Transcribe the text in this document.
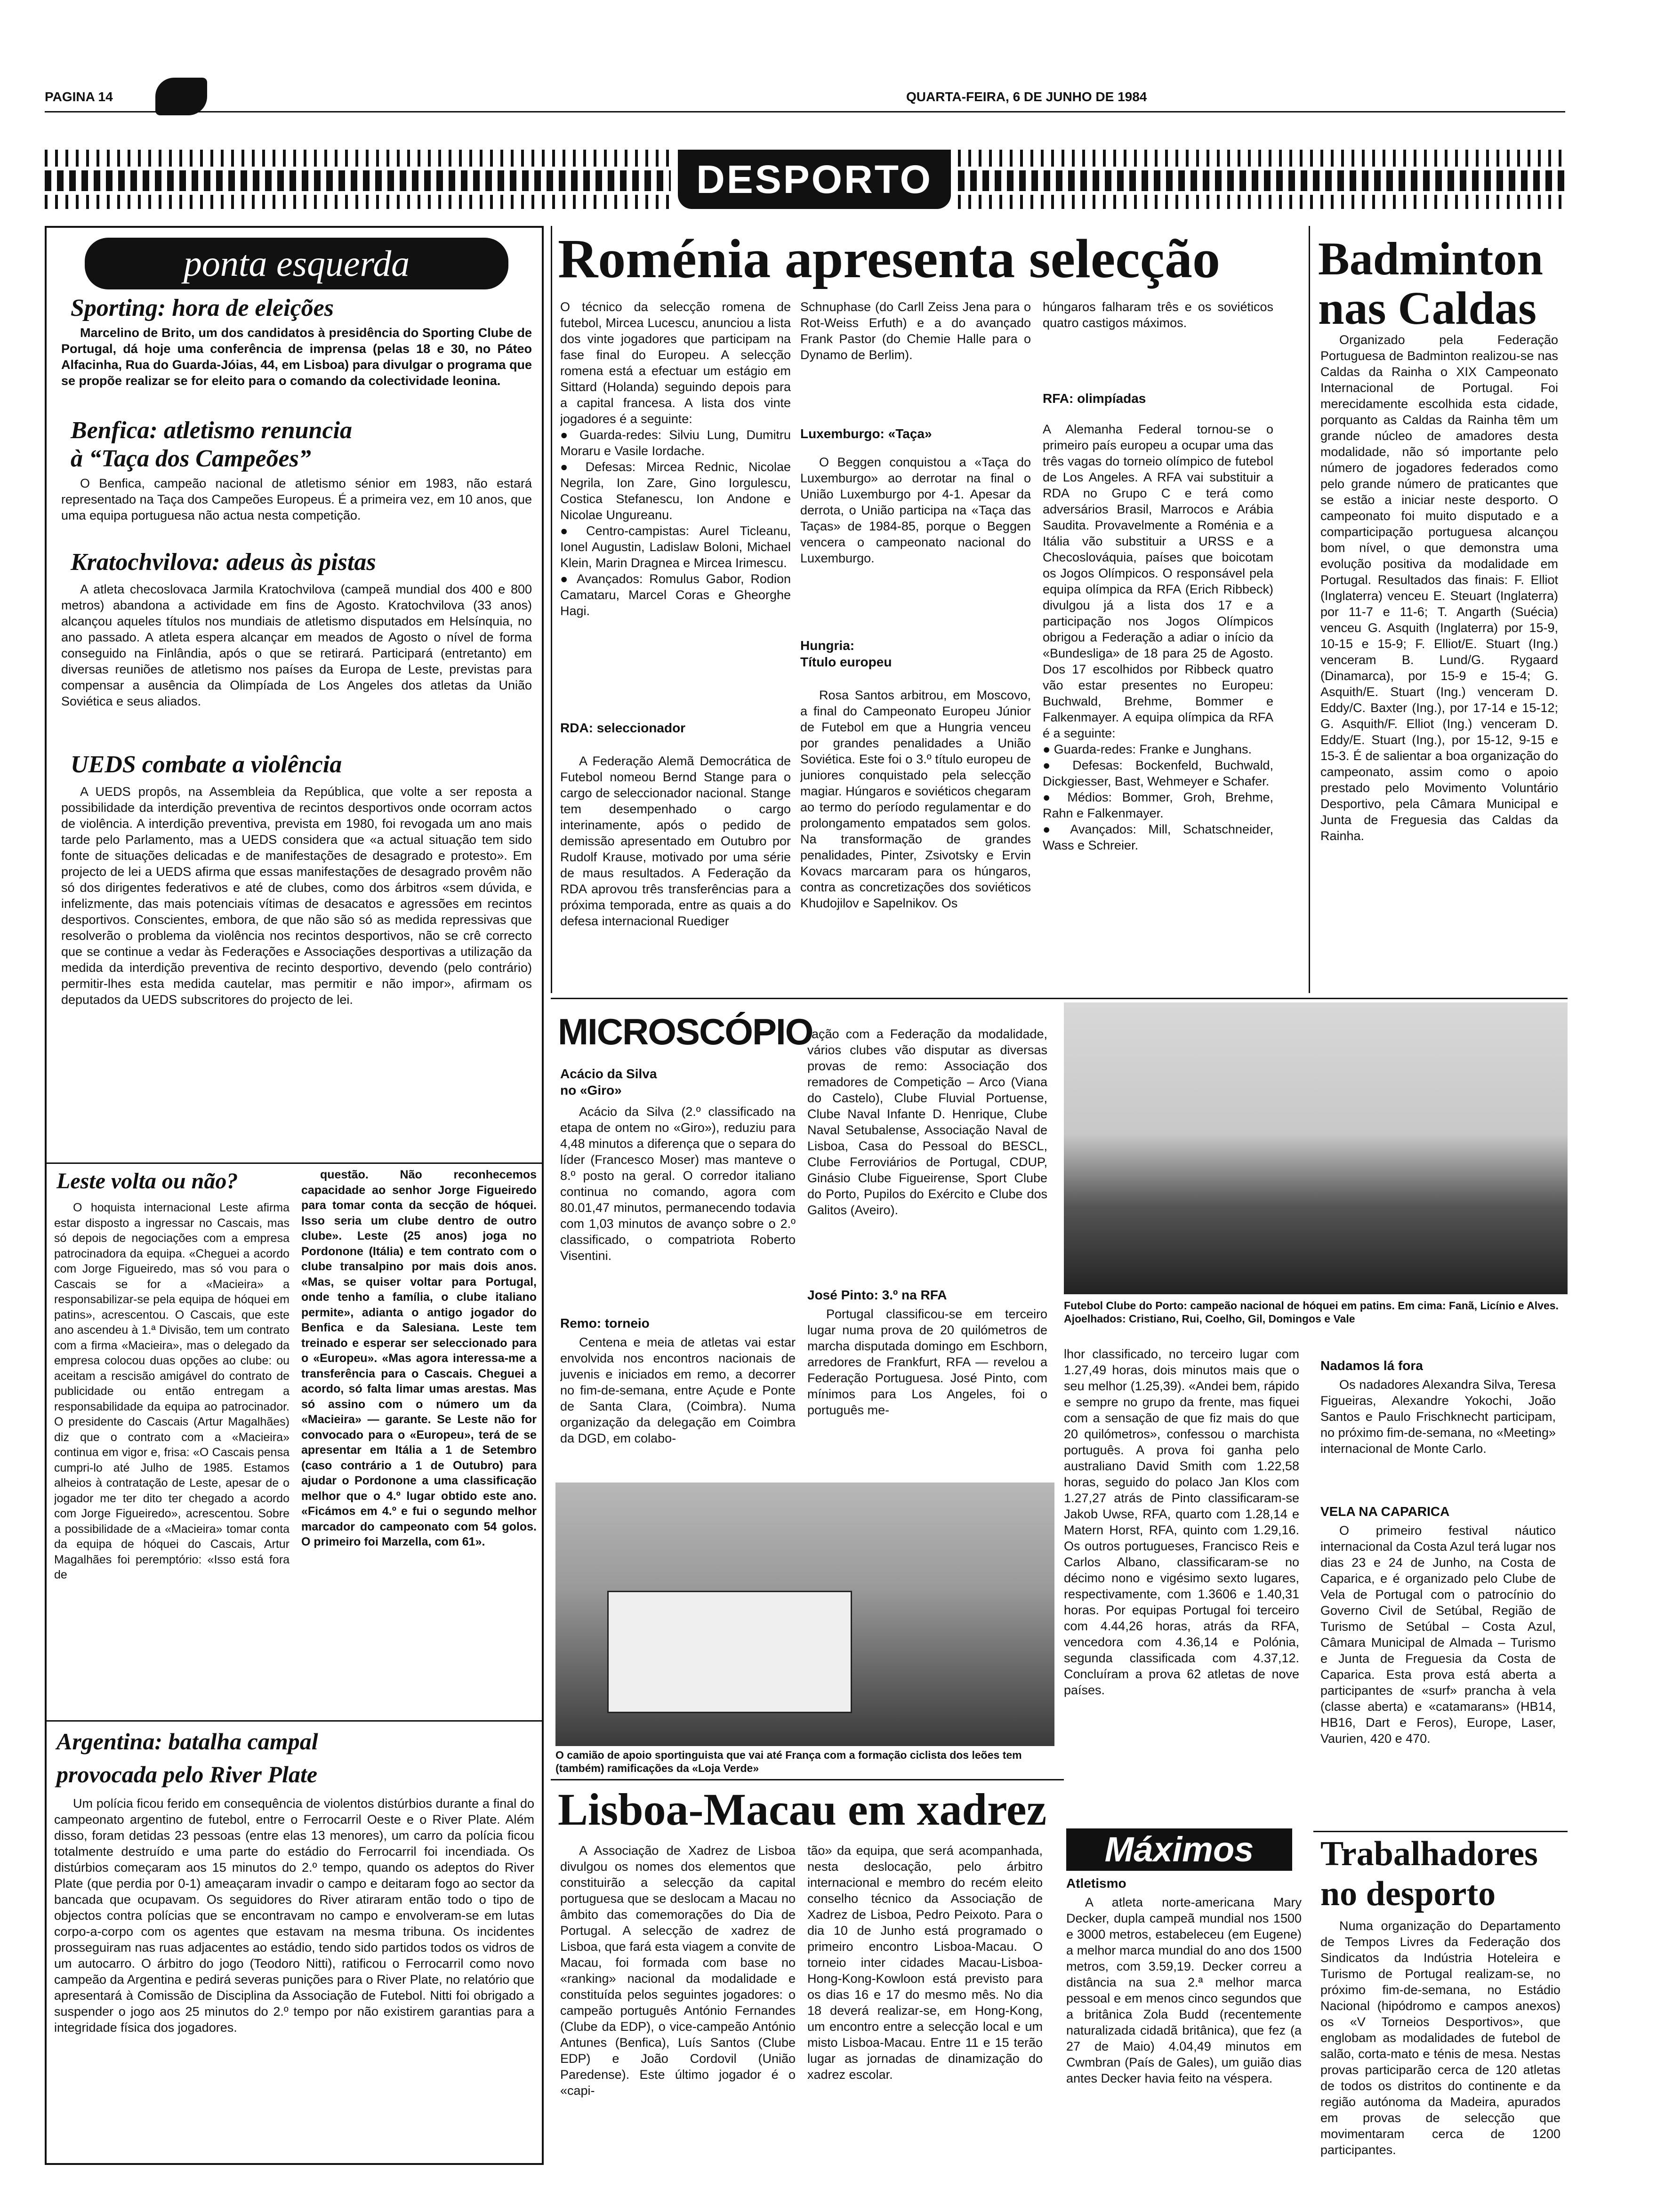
PAGINA 14	QUARTA-FEIRA, 6 DE JUNHO DE 1984
DESPORTO
ponta esquerda
Sporting: hora de eleições

Marcelino de Brito, um dos candidatos à presidência do Sporting Clube de Portugal, dá hoje uma conferência de imprensa (pelas 18 e 30, no Páteo Alfacinha, Rua do Guarda-Jóias, 44, em Lisboa) para divulgar o programa que se propõe realizar se for eleito para o comando da colectividade leonina.

Benfica: atletismo renuncia
à “Taça dos Campeões”

O Benfica, campeão nacional de atletismo sénior em 1983, não estará representado na Taça dos Campeões Europeus. É a primeira vez, em 10 anos, que uma equipa portuguesa não actua nesta competição.

Kratochvilova: adeus às pistas

A atleta checoslovaca Jarmila Kratochvilova (campeã mundial dos 400 e 800 metros) abandona a actividade em fins de Agosto. Kratochvilova (33 anos) alcançou aqueles títulos nos mundiais de atletismo disputados em Helsínquia, no ano passado. A atleta espera alcançar em meados de Agosto o nível de forma conseguido na Finlândia, após o que se retirará. Participará (entretanto) em diversas reuniões de atletismo nos países da Europa de Leste, previstas para compensar a ausência da Olimpíada de Los Angeles dos atletas da União Soviética e seus aliados.

UEDS combate a violência

A UEDS propôs, na Assembleia da República, que volte a ser reposta a possibilidade da interdição preventiva de recintos desportivos onde ocorram actos de violência. A interdição preventiva, prevista em 1980, foi revogada um ano mais tarde pelo Parlamento, mas a UEDS considera que «a actual situação tem sido fonte de situações delicadas e de manifestações de desagrado e protesto». Em projecto de lei a UEDS afirma que essas manifestações de desagrado provêm não só dos dirigentes federativos e até de clubes, como dos árbitros «sem dúvida, e infelizmente, das mais potenciais vítimas de desacatos e agressões em recintos desportivos. Conscientes, embora, de que não são só as medida repressivas que resolverão o problema da violência nos recintos desportivos, não se crê correcto que se continue a vedar às Federações e Associações desportivas a utilização da medida da interdição preventiva de recinto desportivo, devendo (pelo contrário) permitir-lhes esta medida cautelar, mas permitir e não impor», afirmam os deputados da UEDS subscritores do projecto de lei.

Leste volta ou não?

O hoquista internacional Leste afirma estar disposto a ingressar no Cascais, mas só depois de negociações com a empresa patrocinadora da equipa. «Cheguei a acordo com Jorge Figueiredo, mas só vou para o Cascais se for a «Macieira» a responsabilizar-se pela equipa de hóquei em patins», acrescentou. O Cascais, que este ano ascendeu à 1.ª Divisão, tem um contrato com a firma «Macieira», mas o delegado da empresa colocou duas opções ao clube: ou aceitam a rescisão amigável do contrato de publicidade ou então entregam a responsabilidade da equipa ao patrocinador. O presidente do Cascais (Artur Magalhães) diz que o contrato com a «Macieira» continua em vigor e, frisa: «O Cascais pensa cumpri-lo até Julho de 1985. Estamos alheios à contratação de Leste, apesar de o jogador me ter dito ter chegado a acordo com Jorge Figueiredo», acrescentou. Sobre a possibilidade de a «Macieira» tomar conta da equipa de hóquei do Cascais, Artur Magalhães foi peremptório: «Isso está fora de

questão. Não reconhecemos capacidade ao senhor Jorge Figueiredo para tomar conta da secção de hóquei. Isso seria um clube dentro de outro clube». Leste (25 anos) joga no Pordonone (Itália) e tem contrato com o clube transalpino por mais dois anos. «Mas, se quiser voltar para Portugal, onde tenho a família, o clube italiano permite», adianta o antigo jogador do Benfica e da Salesiana. Leste tem treinado e esperar ser seleccionado para o «Europeu». «Mas agora interessa-me a transferência para o Cascais. Cheguei a acordo, só falta limar umas arestas. Mas só assino com o número um da «Macieira» — garante. Se Leste não for convocado para o «Europeu», terá de se apresentar em Itália a 1 de Setembro (caso contrário a 1 de Outubro) para ajudar o Pordonone a uma classificação melhor que o 4.º lugar obtido este ano. «Ficámos em 4.º e fui o segundo melhor marcador do campeonato com 54 golos. O primeiro foi Marzella, com 61».

Argentina: batalha campal
provocada pelo River Plate

Um polícia ficou ferido em consequência de violentos distúrbios durante a final do campeonato argentino de futebol, entre o Ferrocarril Oeste e o River Plate. Além disso, foram detidas 23 pessoas (entre elas 13 menores), um carro da polícia ficou totalmente destruído e uma parte do estádio do Ferrocarril foi incendiada. Os distúrbios começaram aos 15 minutos do 2.º tempo, quando os adeptos do River Plate (que perdia por 0-1) ameaçaram invadir o campo e deitaram fogo ao sector da bancada que ocupavam. Os seguidores do River atiraram então todo o tipo de objectos contra polícias que se encontravam no campo e envolveram-se em lutas corpo-a-corpo com os agentes que estavam na mesma tribuna. Os incidentes prosseguiram nas ruas adjacentes ao estádio, tendo sido partidos todos os vidros de um autocarro. O árbitro do jogo (Teodoro Nitti), ratificou o Ferrocarril como novo campeão da Argentina e pedirá severas punições para o River Plate, no relatório que apresentará à Comissão de Disciplina da Associação de Futebol. Nitti foi obrigado a suspender o jogo aos 25 minutos do 2.º tempo por não existirem garantias para a integridade física dos jogadores.

Roménia apresenta selecção
O técnico da selecção romena de futebol, Mircea Lucescu, anunciou a lista dos vinte jogadores que participam na fase final do Europeu. A selecção romena está a efectuar um estágio em Sittard (Holanda) seguindo depois para a capital francesa. A lista dos vinte jogadores é a seguinte:
● Guarda-redes: Silviu Lung, Dumitru Moraru e Vasile Iordache.
● Defesas: Mircea Rednic, Nicolae Negrila, Ion Zare, Gino Iorgulescu, Costica Stefanescu, Ion Andone e Nicolae Ungureanu.
● Centro-campistas: Aurel Ticleanu, Ionel Augustin, Ladislaw Boloni, Michael Klein, Marin Dragnea e Mircea Irimescu.
● Avançados: Romulus Gabor, Rodion Camataru, Marcel Coras e Gheorghe Hagi.
RDA: seleccionador

A Federação Alemã Democrática de Futebol nomeou Bernd Stange para o cargo de seleccionador nacional. Stange tem desempenhado o cargo interinamente, após o pedido de demissão apresentado em Outubro por Rudolf Krause, motivado por uma série de maus resultados. A Federação da RDA aprovou três transferências para a próxima temporada, entre as quais a do defesa internacional Ruediger

Schnuphase (do Carll Zeiss Jena para o Rot-Weiss Erfuth) e a do avançado Frank Pastor (do Chemie Halle para o Dynamo de Berlim).

Luxemburgo: «Taça»

O Beggen conquistou a «Taça do Luxemburgo» ao derrotar na final o União Luxemburgo por 4-1. Apesar da derrota, o União participa na «Taça das Taças» de 1984-85, porque o Beggen vencera o campeonato nacional do Luxemburgo.

Hungria:
Título europeu

Rosa Santos arbitrou, em Moscovo, a final do Campeonato Europeu Júnior de Futebol em que a Hungria venceu por grandes penalidades a União Soviética. Este foi o 3.º título europeu de juniores conquistado pela selecção magiar. Húngaros e soviéticos chegaram ao termo do período regulamentar e do prolongamento empatados sem golos. Na transformação de grandes penalidades, Pinter, Zsivotsky e Ervin Kovacs marcaram para os húngaros, contra as concretizações dos soviéticos Khudojilov e Sapelnikov. Os

húngaros falharam três e os soviéticos quatro castigos máximos.

RFA: olimpíadas
A Alemanha Federal tornou-se o primeiro país europeu a ocupar uma das três vagas do torneio olímpico de futebol de Los Angeles. A RFA vai substituir a RDA no Grupo C e terá como adversários Brasil, Marrocos e Arábia Saudita. Provavelmente a Roménia e a Itália vão substituir a URSS e a Checoslováquia, países que boicotam os Jogos Olímpicos. O responsável pela equipa olímpica da RFA (Erich Ribbeck) divulgou já a lista dos 17 e a participação nos Jogos Olímpicos obrigou a Federação a adiar o início da «Bundesliga» de 18 para 25 de Agosto. Dos 17 escolhidos por Ribbeck quatro vão estar presentes no Europeu: Buchwald, Brehme, Bommer e Falkenmayer. A equipa olímpica da RFA é a seguinte:
● Guarda-redes: Franke e Junghans.
● Defesas: Bockenfeld, Buchwald, Dickgiesser, Bast, Wehmeyer e Schafer.
● Médios: Bommer, Groh, Brehme, Rahn e Falkenmayer.
● Avançados: Mill, Schatschneider, Wass e Schreier.
Badminton
nas Caldas

Organizado pela Federação Portuguesa de Badminton realizou-se nas Caldas da Rainha o XIX Campeonato Internacional de Portugal. Foi merecidamente escolhida esta cidade, porquanto as Caldas da Rainha têm um grande núcleo de amadores desta modalidade, não só importante pelo número de jogadores federados como pelo grande número de praticantes que se estão a iniciar neste desporto. O campeonato foi muito disputado e a comparticipação portuguesa alcançou bom nível, o que demonstra uma evolução positiva da modalidade em Portugal. Resultados das finais: F. Elliot (Inglaterra) venceu E. Steuart (Inglaterra) por 11-7 e 11-6; T. Angarth (Suécia) venceu G. Asquith (Inglaterra) por 15-9, 10-15 e 15-9; F. Elliot/E. Stuart (Ing.) venceram B. Lund/G. Rygaard (Dinamarca), por 15-9 e 15-4; G. Asquith/E. Stuart (Ing.) venceram D. Eddy/C. Baxter (Ing.), por 17-14 e 15-12; G. Asquith/F. Elliot (Ing.) venceram D. Eddy/E. Stuart (Ing.), por 15-12, 9-15 e 15-3. É de salientar a boa organização do campeonato, assim como o apoio prestado pelo Movimento Voluntário Desportivo, pela Câmara Municipal e Junta de Freguesia das Caldas da Rainha.

MICROSCÓPIO
Acácio da Silva
no «Giro»

Acácio da Silva (2.º classificado na etapa de ontem no «Giro»), reduziu para 4,48 minutos a diferença que o separa do líder (Francesco Moser) mas manteve o 8.º posto na geral. O corredor italiano continua no comando, agora com 80.01,47 minutos, permanecendo todavia com 1,03 minutos de avanço sobre o 2.º classificado, o compatriota Roberto Visentini.

Remo: torneio

Centena e meia de atletas vai estar envolvida nos encontros nacionais de juvenis e iniciados em remo, a decorrer no fim-de-semana, entre Açude e Ponte de Santa Clara, (Coimbra). Numa organização da delegação em Coimbra da DGD, em colabo-

ração com a Federação da modalidade, vários clubes vão disputar as diversas provas de remo: Associação dos remadores de Competição – Arco (Viana do Castelo), Clube Fluvial Portuense, Clube Naval Infante D. Henrique, Clube Naval Setubalense, Associação Naval de Lisboa, Casa do Pessoal do BESCL, Clube Ferroviários de Portugal, CDUP, Ginásio Clube Figueirense, Sport Clube do Porto, Pupilos do Exército e Clube dos Galitos (Aveiro).

José Pinto: 3.º na RFA

Portugal classificou-se em terceiro lugar numa prova de 20 quilómetros de marcha disputada domingo em Eschborn, arredores de Frankfurt, RFA — revelou a Federação Portuguesa. José Pinto, com mínimos para Los Angeles, foi o português me-

Futebol Clube do Porto: campeão nacional de hóquei em patins. Em cima: Fanã, Licínio e Alves. Ajoelhados: Cristiano, Rui, Coelho, Gil, Domingos e Vale

lhor classificado, no terceiro lugar com 1.27,49 horas, dois minutos mais que o seu melhor (1.25,39). «Andei bem, rápido e sempre no grupo da frente, mas fiquei com a sensação de que fiz mais do que 20 quilómetros», confessou o marchista português. A prova foi ganha pelo australiano David Smith com 1.22,58 horas, seguido do polaco Jan Klos com 1.27,27 atrás de Pinto classificaram-se Jakob Uwse, RFA, quarto com 1.28,14 e Matern Horst, RFA, quinto com 1.29,16. Os outros portugueses, Francisco Reis e Carlos Albano, classificaram-se no décimo nono e vigésimo sexto lugares, respectivamente, com 1.3606 e 1.40,31 horas. Por equipas Portugal foi terceiro com 4.44,26 horas, atrás da RFA, vencedora com 4.36,14 e Polónia, segunda classificada com 4.37,12. Concluíram a prova 62 atletas de nove países.

Nadamos lá fora

Os nadadores Alexandra Silva, Teresa Figueiras, Alexandre Yokochi, João Santos e Paulo Frischknecht participam, no próximo fim-de-semana, no «Meeting» internacional de Monte Carlo.

VELA NA CAPARICA

O primeiro festival náutico internacional da Costa Azul terá lugar nos dias 23 e 24 de Junho, na Costa de Caparica, e é organizado pelo Clube de Vela de Portugal com o patrocínio do Governo Civil de Setúbal, Região de Turismo de Setúbal – Costa Azul, Câmara Municipal de Almada – Turismo e Junta de Freguesia da Costa de Caparica. Esta prova está aberta a participantes de «surf» prancha à vela (classe aberta) e «catamarans» (HB14, HB16, Dart e Feros), Europe, Laser, Vaurien, 420 e 470.

O camião de apoio sportinguista que vai até França com a formação ciclista dos leões tem (também) ramificações da «Loja Verde»
Lisboa-Macau em xadrez

A Associação de Xadrez de Lisboa divulgou os nomes dos elementos que constituirão a selecção da capital portuguesa que se deslocam a Macau no âmbito das comemorações do Dia de Portugal. A selecção de xadrez de Lisboa, que fará esta viagem a convite de Macau, foi formada com base no «ranking» nacional da modalidade e constituída pelos seguintes jogadores: o campeão português António Fernandes (Clube da EDP), o vice-campeão António Antunes (Benfica), Luís Santos (Clube EDP) e João Cordovil (União Paredense). Este último jogador é o «capi-

tão» da equipa, que será acompanhada, nesta deslocação, pelo árbitro internacional e membro do recém eleito conselho técnico da Associação de Xadrez de Lisboa, Pedro Peixoto. Para o dia 10 de Junho está programado o primeiro encontro Lisboa-Macau. O torneio inter cidades Macau-Lisboa-Hong-Kong-Kowloon está previsto para os dias 16 e 17 do mesmo mês. No dia 18 deverá realizar-se, em Hong-Kong, um encontro entre a selecção local e um misto Lisboa-Macau. Entre 11 e 15 terão lugar as jornadas de dinamização do xadrez escolar.

Máximos
Atletismo

A atleta norte-americana Mary Decker, dupla campeã mundial nos 1500 e 3000 metros, estabeleceu (em Eugene) a melhor marca mundial do ano dos 1500 metros, com 3.59,19. Decker correu a distância na sua 2.ª melhor marca pessoal e em menos cinco segundos que a britânica Zola Budd (recentemente naturalizada cidadã britânica), que fez (a 27 de Maio) 4.04,49 minutos em Cwmbran (País de Gales), um guião dias antes Decker havia feito na véspera.

Trabalhadores
no desporto

Numa organização do Departamento de Tempos Livres da Federação dos Sindicatos da Indústria Hoteleira e Turismo de Portugal realizam-se, no próximo fim-de-semana, no Estádio Nacional (hipódromo e campos anexos) os «V Torneios Desportivos», que englobam as modalidades de futebol de salão, corta-mato e ténis de mesa. Nestas provas participarão cerca de 120 atletas de todos os distritos do continente e da região autónoma da Madeira, apurados em provas de selecção que movimentaram cerca de 1200 participantes.
